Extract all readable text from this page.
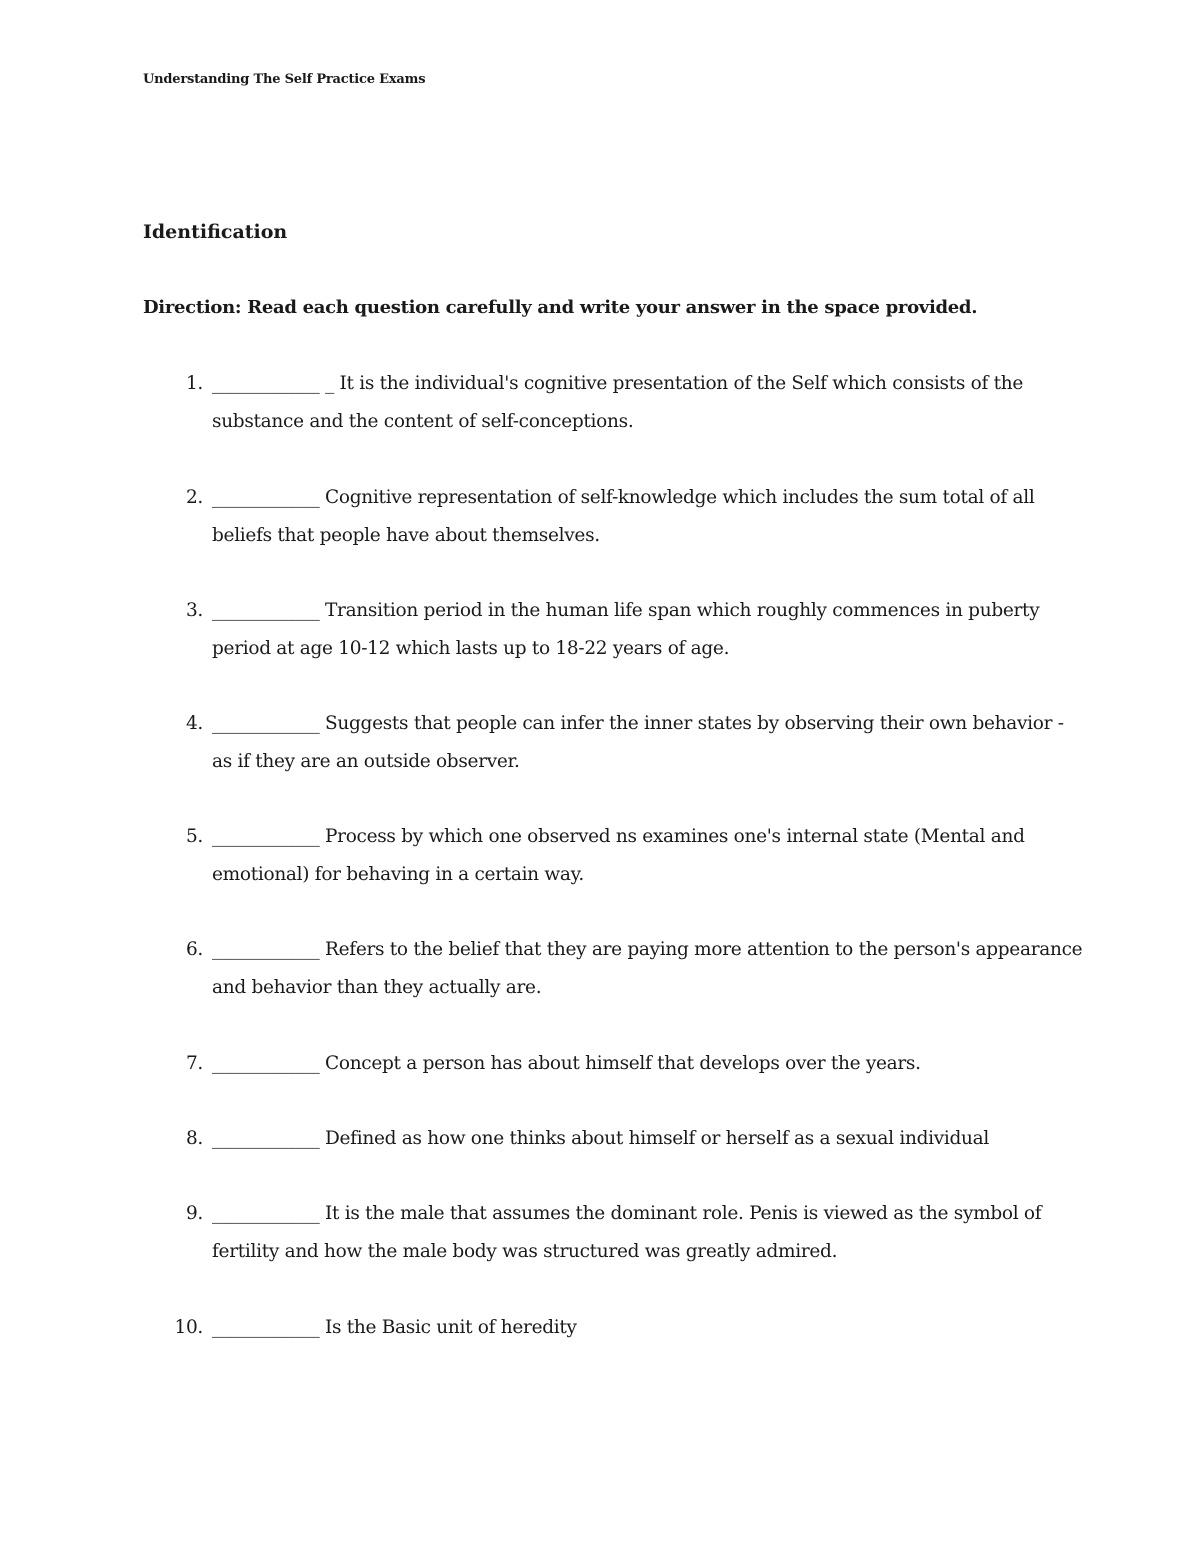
Understanding The Self Practice Exams
Identification
Direction: Read each question carefully and write your answer in the space provided.
1. ____________ _ It is the individual's cognitive presentation of the Self which consists of the substance and the content of self-conceptions.
2. ____________ Cognitive representation of self-knowledge which includes the sum total of all beliefs that people have about themselves.
3. ____________ Transition period in the human life span which roughly commences in puberty period at age 10-12 which lasts up to 18-22 years of age.
4. ____________ Suggests that people can infer the inner states by observing their own behavior - as if they are an outside observer.
5. ____________ Process by which one observed ns examines one's internal state (Mental and emotional) for behaving in a certain way.
6. ____________ Refers to the belief that they are paying more attention to the person's appearance and behavior than they actually are.
7. ____________ Concept a person has about himself that develops over the years.
8. ____________ Defined as how one thinks about himself or herself as a sexual individual
9. ____________ It is the male that assumes the dominant role. Penis is viewed as the symbol of fertility and how the male body was structured was greatly admired.
10. ____________ Is the Basic unit of heredity
